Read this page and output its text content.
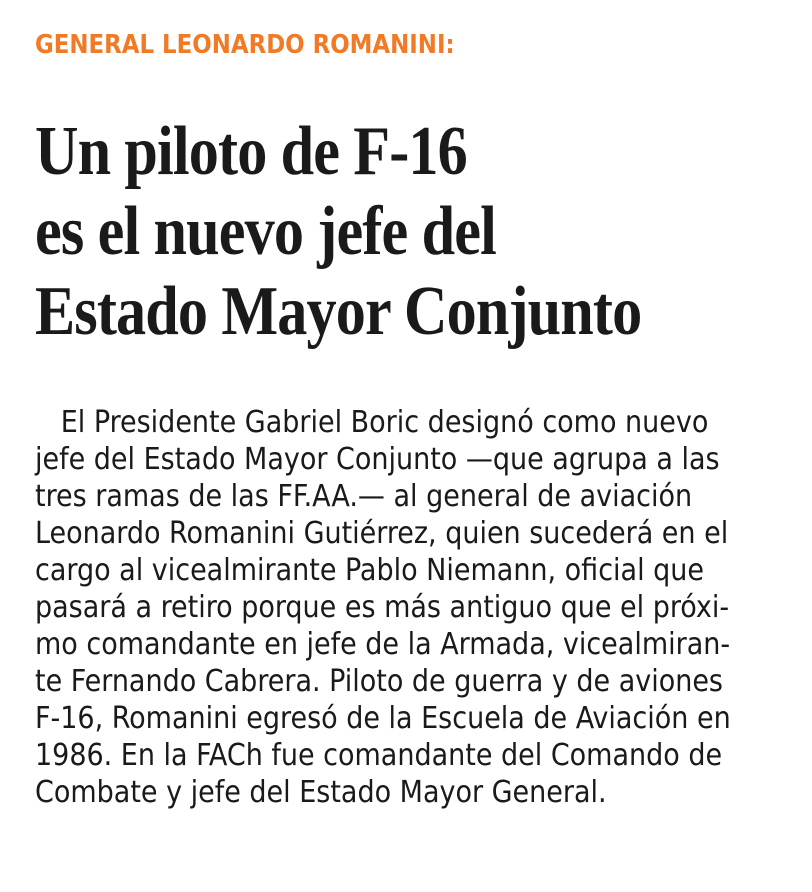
GENERAL LEONARDO ROMANINI:
Un piloto de F-16
es el nuevo jefe del
Estado Mayor Conjunto

El Presidente Gabriel Boric designó como nuevo
jefe del Estado Mayor Conjunto —que agrupa a las
tres ramas de las FF.AA.— al general de aviación
Leonardo Romanini Gutiérrez, quien sucederá en el
cargo al vicealmirante Pablo Niemann, oficial que
pasará a retiro porque es más antiguo que el próxi-
mo comandante en jefe de la Armada, vicealmiran-
te Fernando Cabrera. Piloto de guerra y de aviones
F-16, Romanini egresó de la Escuela de Aviación en
1986. En la FACh fue comandante del Comando de
Combate y jefe del Estado Mayor General.
